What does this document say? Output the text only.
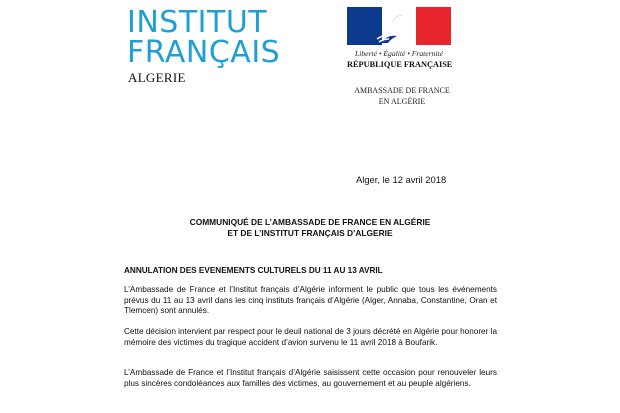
INSTITUT
FRANÇAIS
ALGERIE
Liberté • Égalité • Fraternité
RÉPUBLIQUE FRANÇAISE
AMBASSADE DE FRANCE
EN ALGÉRIE
Alger, le 12 avril 2018
COMMUNIQUÉ DE L’AMBASSADE DE FRANCE EN ALGÉRIE
ET DE L’INSTITUT FRANÇAIS D’ALGERIE
ANNULATION DES EVENEMENTS CULTURELS DU 11 AU 13 AVRIL

L’Ambassade de France et l’Institut français d’Algérie informent le public que tous les événements prévus du 11 au 13 avril dans les cinq instituts français d’Algérie (Alger, Annaba, Constantine, Oran et Tlemcen) sont annulés.

Cette décision intervient par respect pour le deuil national de 3 jours décrété en Algérie pour honorer la mémoire des victimes du tragique accident d’avion survenu le 11 avril 2018 à Boufarik.

L’Ambassade de France et l’Institut français d’Algérie saisissent cette occasion pour renouveler leurs plus sincères condoléances aux familles des victimes, au gouvernement et au peuple algériens.
